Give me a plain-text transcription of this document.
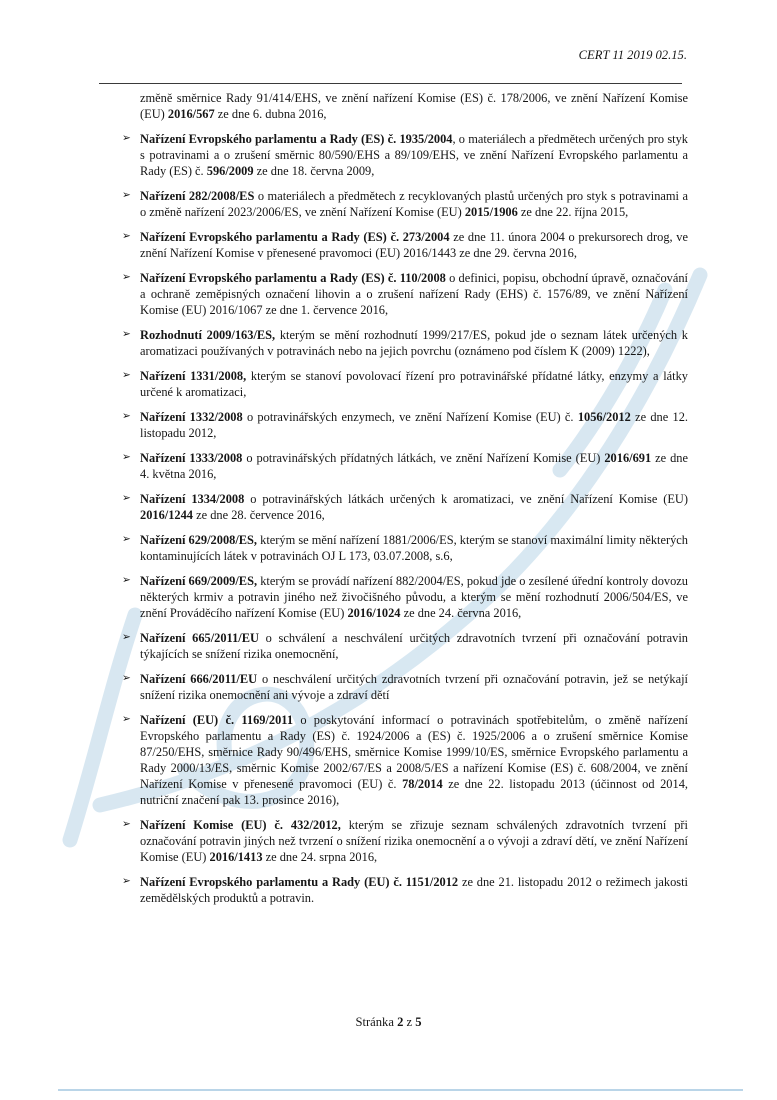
CERT 11 2019 02.15.

změně směrnice Rady 91/414/EHS, ve znění nařízení Komise (ES) č. 178/2006, ve znění Nařízení Komise (EU) 2016/567 ze dne 6. dubna 2016,

➢ Nařízení Evropského parlamentu a Rady (ES) č. 1935/2004, o materiálech a předmětech určených pro styk s potravinami a o zrušení směrnic 80/590/EHS a 89/109/EHS, ve znění Nařízení Evropského parlamentu a Rady (ES) č. 596/2009 ze dne 18. června 2009,
➢ Nařízení 282/2008/ES o materiálech a předmětech z recyklovaných plastů určených pro styk s potravinami a o změně nařízení 2023/2006/ES, ve znění Nařízení Komise (EU) 2015/1906 ze dne 22. října 2015,
➢ Nařízení Evropského parlamentu a Rady (ES) č. 273/2004 ze dne 11. února 2004 o prekursorech drog, ve znění Nařízení Komise v přenesené pravomoci (EU) 2016/1443 ze dne 29. června 2016,
➢ Nařízení Evropského parlamentu a Rady (ES) č. 110/2008 o definici, popisu, obchodní úpravě, označování a ochraně zeměpisných označení lihovin a o zrušení nařízení Rady (EHS) č. 1576/89, ve znění Nařízení Komise (EU) 2016/1067 ze dne 1. července 2016,
➢ Rozhodnutí 2009/163/ES, kterým se mění rozhodnutí 1999/217/ES, pokud jde o seznam látek určených k aromatizaci používaných v potravinách nebo na jejich povrchu (oznámeno pod číslem K (2009) 1222),
➢ Nařízení 1331/2008, kterým se stanoví povolovací řízení pro potravinářské přídatné látky, enzymy a látky určené k aromatizaci,
➢ Nařízení 1332/2008 o potravinářských enzymech, ve znění Nařízení Komise (EU) č. 1056/2012 ze dne 12. listopadu 2012,
➢ Nařízení 1333/2008 o potravinářských přídatných látkách, ve znění Nařízení Komise (EU) 2016/691 ze dne 4. května 2016,
➢ Nařízení 1334/2008 o potravinářských látkách určených k aromatizaci, ve znění Nařízení Komise (EU) 2016/1244 ze dne 28. července 2016,
➢ Nařízení 629/2008/ES, kterým se mění nařízení 1881/2006/ES, kterým se stanoví maximální limity některých kontaminujících látek v potravinách OJ L 173, 03.07.2008, s.6,
➢ Nařízení 669/2009/ES, kterým se provádí nařízení 882/2004/ES, pokud jde o zesílené úřední kontroly dovozu některých krmiv a potravin jiného než živočišného původu, a kterým se mění rozhodnutí 2006/504/ES, ve znění Prováděcího nařízení Komise (EU) 2016/1024 ze dne 24. června 2016,
➢ Nařízení 665/2011/EU o schválení a neschválení určitých zdravotních tvrzení při označování potravin týkajících se snížení rizika onemocnění,
➢ Nařízení 666/2011/EU o neschválení určitých zdravotních tvrzení při označování potravin, jež se netýkají snížení rizika onemocnění ani vývoje a zdraví dětí
➢ Nařízení (EU) č. 1169/2011 o poskytování informací o potravinách spotřebitelům, o změně nařízení Evropského parlamentu a Rady (ES) č. 1924/2006 a (ES) č. 1925/2006 a o zrušení směrnice Komise 87/250/EHS, směrnice Rady 90/496/EHS, směrnice Komise 1999/10/ES, směrnice Evropského parlamentu a Rady 2000/13/ES, směrnic Komise 2002/67/ES a 2008/5/ES a nařízení Komise (ES) č. 608/2004, ve znění Nařízení Komise v přenesené pravomoci (EU) č. 78/2014 ze dne 22. listopadu 2013 (účinnost od 2014, nutriční značení pak 13. prosince 2016),
➢ Nařízení Komise (EU) č. 432/2012, kterým se zřizuje seznam schválených zdravotních tvrzení při označování potravin jiných než tvrzení o snížení rizika onemocnění a o vývoji a zdraví dětí, ve znění Nařízení Komise (EU) 2016/1413 ze dne 24. srpna 2016,
➢ Nařízení Evropského parlamentu a Rady (EU) č. 1151/2012 ze dne 21. listopadu 2012 o režimech jakosti zemědělských produktů a potravin.
Stránka 2 z 5
